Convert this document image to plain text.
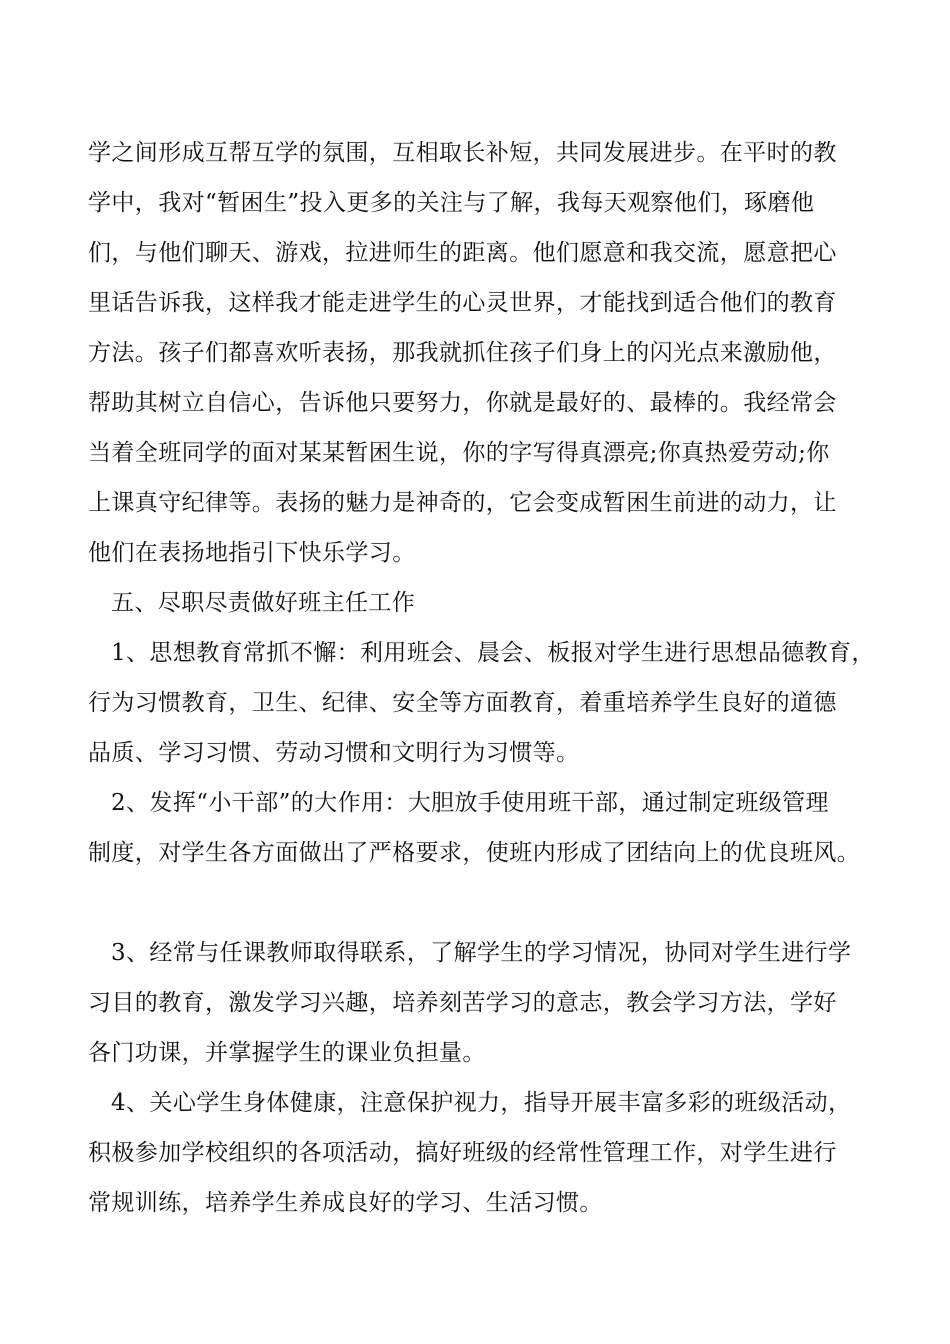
学之间形成互帮互学的氛围，互相取长补短，共同发展进步。在平时的教
学中，我对“暂困生”投入更多的关注与了解，我每天观察他们，琢磨他
们，与他们聊天、游戏，拉进师生的距离。他们愿意和我交流，愿意把心
里话告诉我，这样我才能走进学生的心灵世界，才能找到适合他们的教育
方法。孩子们都喜欢听表扬，那我就抓住孩子们身上的闪光点来激励他，
帮助其树立自信心，告诉他只要努力，你就是最好的、最棒的。我经常会
当着全班同学的面对某某暂困生说，你的字写得真漂亮;你真热爱劳动;你
上课真守纪律等。表扬的魅力是神奇的，它会变成暂困生前进的动力，让
他们在表扬地指引下快乐学习。
五、尽职尽责做好班主任工作
1、思想教育常抓不懈：利用班会、晨会、板报对学生进行思想品德教育，
行为习惯教育，卫生、纪律、安全等方面教育，着重培养学生良好的道德
品质、学习习惯、劳动习惯和文明行为习惯等。
2、发挥“小干部”的大作用：大胆放手使用班干部，通过制定班级管理
制度，对学生各方面做出了严格要求，使班内形成了团结向上的优良班风。
3、经常与任课教师取得联系，了解学生的学习情况，协同对学生进行学
习目的教育，激发学习兴趣，培养刻苦学习的意志，教会学习方法，学好
各门功课，并掌握学生的课业负担量。
4、关心学生身体健康，注意保护视力，指导开展丰富多彩的班级活动，
积极参加学校组织的各项活动，搞好班级的经常性管理工作，对学生进行
常规训练，培养学生养成良好的学习、生活习惯。
